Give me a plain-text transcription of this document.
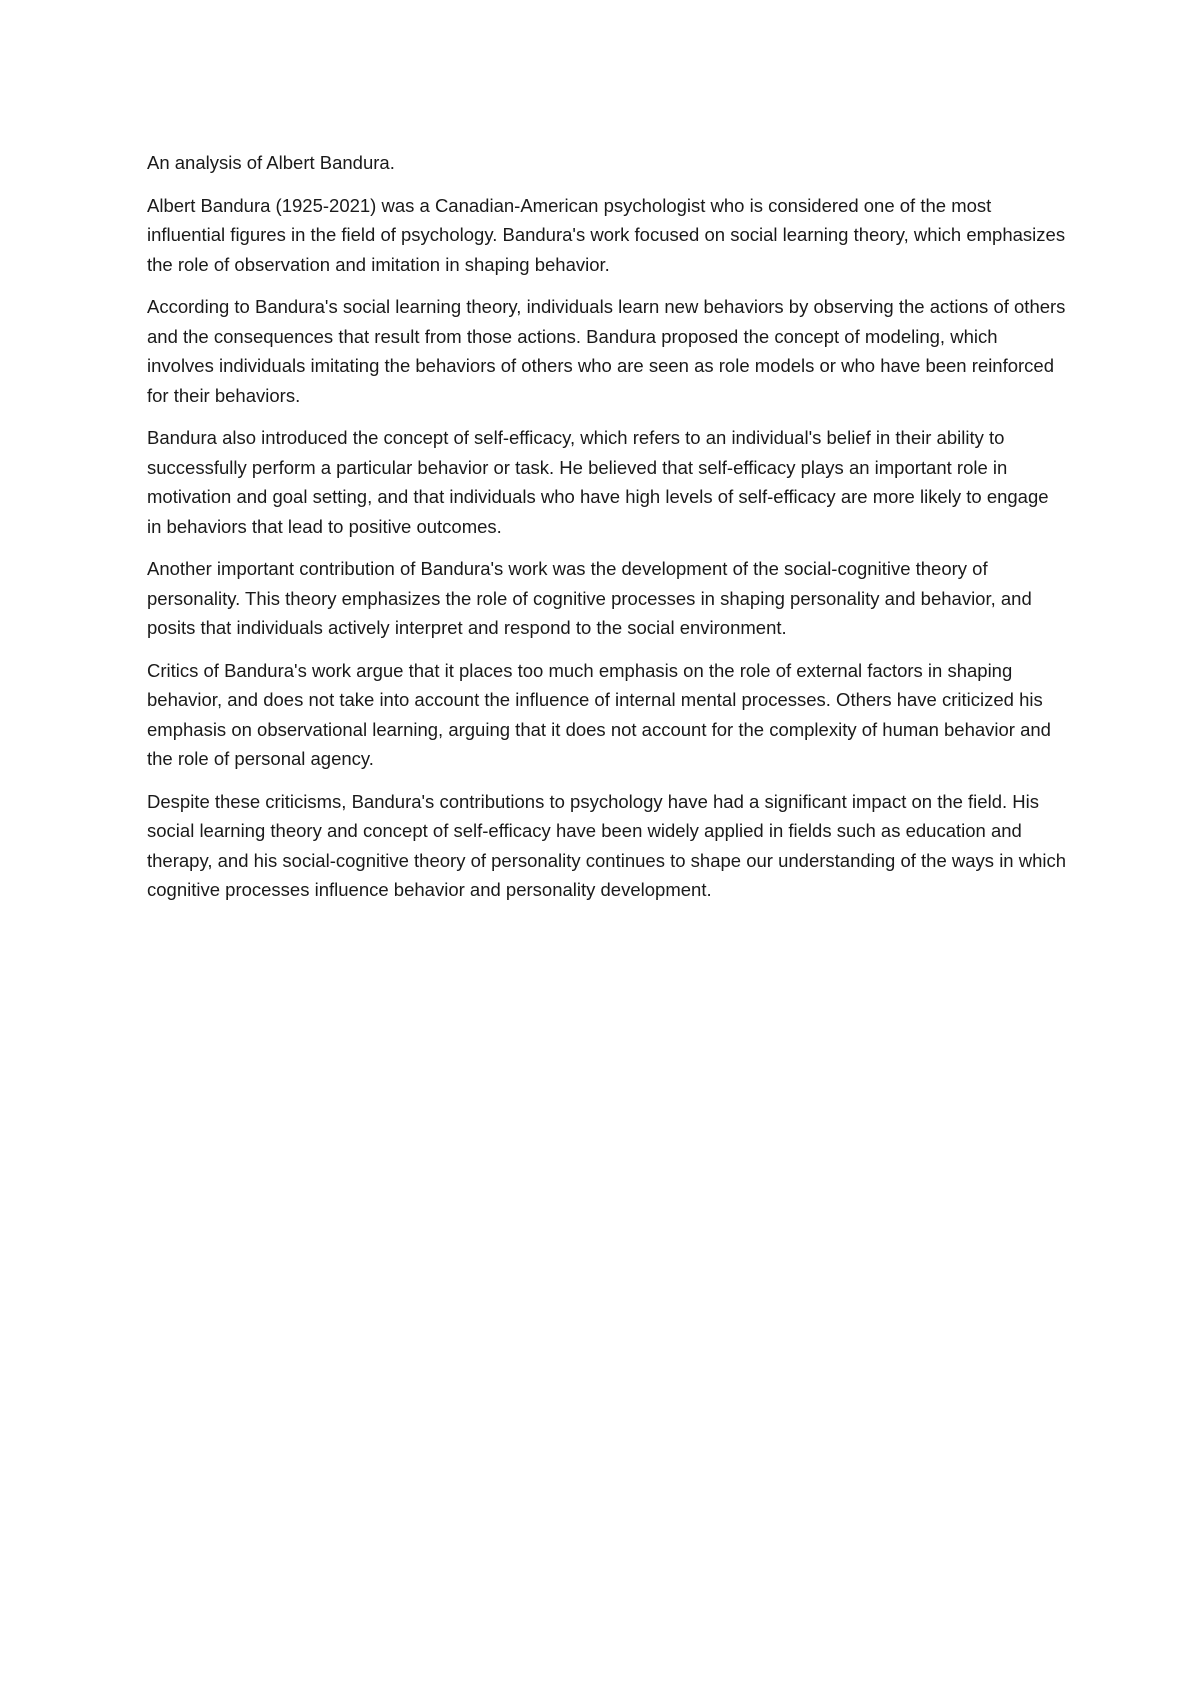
An analysis of Albert Bandura.

Albert Bandura (1925-2021) was a Canadian-American psychologist who is considered one of the most influential figures in the field of psychology. Bandura's work focused on social learning theory, which emphasizes the role of observation and imitation in shaping behavior.

According to Bandura's social learning theory, individuals learn new behaviors by observing the actions of others and the consequences that result from those actions. Bandura proposed the concept of modeling, which involves individuals imitating the behaviors of others who are seen as role models or who have been reinforced for their behaviors.

Bandura also introduced the concept of self-efficacy, which refers to an individual's belief in their ability to successfully perform a particular behavior or task. He believed that self-efficacy plays an important role in motivation and goal setting, and that individuals who have high levels of self-efficacy are more likely to engage in behaviors that lead to positive outcomes.

Another important contribution of Bandura's work was the development of the social-cognitive theory of personality. This theory emphasizes the role of cognitive processes in shaping personality and behavior, and posits that individuals actively interpret and respond to the social environment.

Critics of Bandura's work argue that it places too much emphasis on the role of external factors in shaping behavior, and does not take into account the influence of internal mental processes. Others have criticized his emphasis on observational learning, arguing that it does not account for the complexity of human behavior and the role of personal agency.

Despite these criticisms, Bandura's contributions to psychology have had a significant impact on the field. His social learning theory and concept of self-efficacy have been widely applied in fields such as education and therapy, and his social-cognitive theory of personality continues to shape our understanding of the ways in which cognitive processes influence behavior and personality development.
